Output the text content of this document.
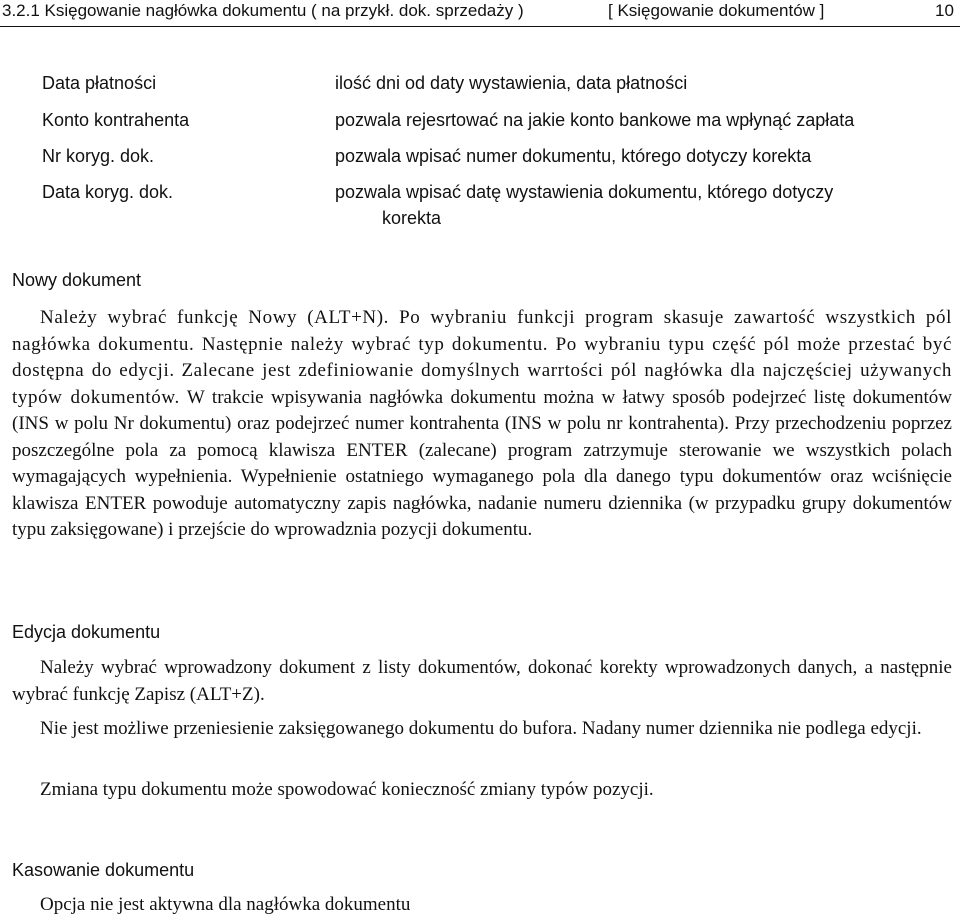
3.2.1 Księgowanie nagłówka dokumentu ( na przykł. dok. sprzedaży )	[ Księgowanie dokumentów ]	10
Data płatności	ilość dni od daty wystawienia, data płatności
Konto kontrahenta	pozwala rejesrtować na jakie konto bankowe ma wpłynąć zapłata
Nr koryg. dok.	pozwala wpisać numer dokumentu, którego dotyczy korekta
Data koryg. dok.	pozwala wpisać datę wystawienia dokumentu, którego dotyczy
korekta
Nowy dokument

Należy wybrać funkcję Nowy (ALT+N). Po wybraniu funkcji program skasuje zawartość wszystkich pól nagłówka dokumentu. Następnie należy wybrać typ dokumentu. Po wybraniu typu część pól może przestać być dostępna do edycji. Zalecane jest zdefiniowanie domyślnych warrtości pól nagłówka dla najczęściej używanych typów dokumentów. W trakcie wpisywania nagłówka dokumentu można w łatwy sposób podejrzeć listę dokumentów (INS w polu Nr dokumentu) oraz podejrzeć numer kontrahenta (INS w polu nr kontrahenta). Przy przechodzeniu poprzez poszczególne pola za pomocą klawisza ENTER (zalecane) program zatrzymuje sterowanie we wszystkich polach wymagających wypełnienia. Wypełnienie ostatniego wymaganego pola dla danego typu dokumentów oraz wciśnięcie klawisza ENTER powoduje automatyczny zapis nagłówka, nadanie numeru dziennika (w przypadku grupy dokumentów typu zaksięgowane) i przejście do wprowadznia pozycji dokumentu.

Edycja dokumentu

Należy wybrać wprowadzony dokument z listy dokumentów, dokonać korekty wprowadzonych danych, a następnie wybrać funkcję Zapisz (ALT+Z).

Nie jest możliwe przeniesienie zaksięgowanego dokumentu do bufora. Nadany numer dziennika nie podlega edycji.

Zmiana typu dokumentu może spowodować konieczność zmiany typów pozycji.

Kasowanie dokumentu

Opcja nie jest aktywna dla nagłówka dokumentu
